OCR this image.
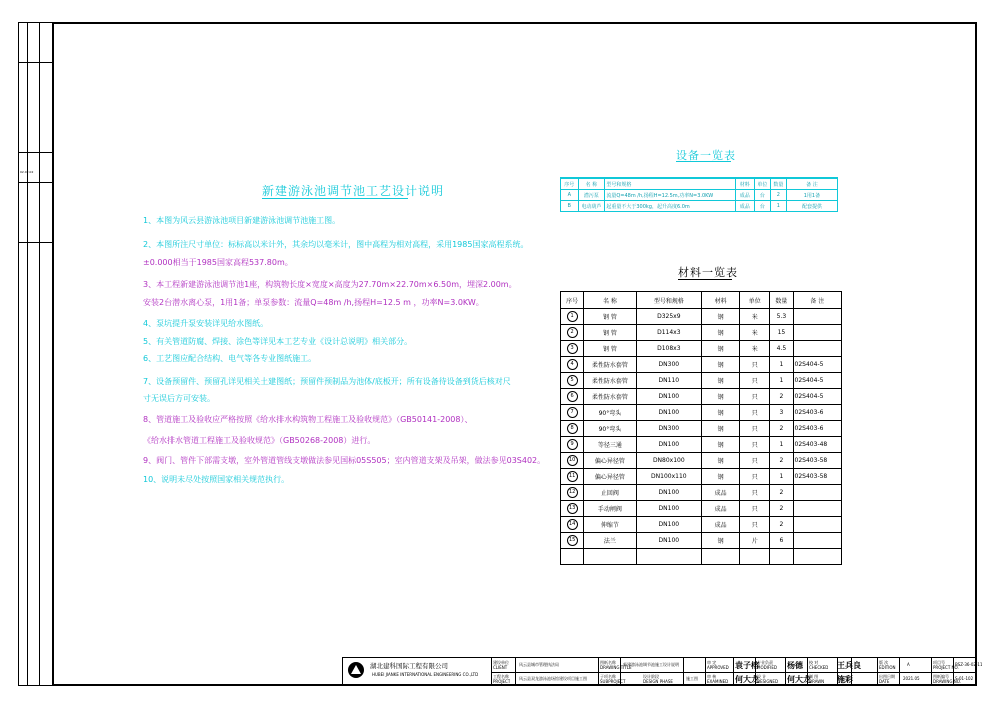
02.02.02
新建游泳池调节池工艺设计说明
1、本图为风云县游泳池项目新建游泳池调节池施工图。
2、本图所注尺寸单位：标标高以米计外，其余均以毫米计，图中高程为相对高程，采用1985国家高程系统。
±0.000相当于1985国家高程537.80m。
3、本工程新建游泳池调节池1座，构筑物长度×宽度×高度为27.70m×22.70m×6.50m，埋深2.00m。
安装2台潜水离心泵，1用1备；单泵参数：流量Q=48m /h,扬程H=12.5 m ，功率N=3.0KW。
4、泵坑提升泵安装详见给水图纸。
5、有关管道防腐、焊接、涂色等详见本工艺专业《设计总说明》相关部分。
6、工艺图应配合结构、电气等各专业图纸施工。
7、设备预留件、预留孔详见相关土建图纸；预留件预制品为池体/底板开；所有设备待设备到货后核对尺
寸无误后方可安装。
8、管道施工及验收应严格按照《给水排水构筑物工程施工及验收规范》（GB50141-2008）、
《给水排水管道工程施工及验收规范》（GB50268-2008）进行。
9、阀门、管件下部需支墩，室外管道管线支墩做法参见国标05S505；室内管道支架及吊架，做法参见03S402。
10、说明未尽处按照国家相关规范执行。
设备一览表
序号	名 称	型号和规格	材料	单位	数量	备 注
A	潜污泵	流量Q=48m /h,扬程H=12.5m,功率N=3.0KW	成品	台	2	1用1备
B	电动葫芦	起重量不大于300kg，起升高度6.0m	成品	台	1	配套提供
材料一览表
序号	名 称	型号和规格	材料	单位	数量	备 注
1	钢 管	D325x9	钢	米	5.3	
2	钢 管	D114x3	钢	米	15	
3	钢 管	D108x3	钢	米	4.5	
4	柔性防水套管	DN300	钢	只	1	02S404-5
5	柔性防水套管	DN110	钢	只	1	02S404-5
6	柔性防水套管	DN100	钢	只	2	02S404-5
7	90°弯头	DN100	钢	只	3	02S403-6
8	90°弯头	DN300	钢	只	2	02S403-6
9	等径三通	DN100	钢	只	1	02S403-48
10	偏心异径管	DN80x100	钢	只	2	02S403-58
11	偏心异径管	DN100x110	钢	只	1	02S403-58
12	止回阀	DN100	成品	只	2	
13	手动闸阀	DN100	成品	只	2	
14	伸缩节	DN100	成品	只	2	
15	法兰	DN100	钢	片	6	

建设单位
CLIENT
风云县城市管理执法局
工程名称
PROJECT
风云县双龙游泳池场馆建设项目施工图
图纸名称
DRAWING TITLE
新建游泳池调节池施工设计说明
子项名称
SUBPROJECT
设计阶段
DESIGN PHASE
施工图
审 定
APPROVED 袁子榕
审 核
EXAMINED 何大龙
专业负责
MODIFIED 杨德
设 计
DESIGNED 何大龙
校 对
CHECKED 王兵良
制 图
DRAWN 施彩
版 次
EDITION
A
出图日期
DATE
2021.05
项目号
PROJECT NO.
BSZ-36-02-11
图纸编号
DRAWING NO.
S-01-102
湖北建科国际工程有限公司
HUBEI JIANKE INTERNATIONAL ENGINEERING CO.,LTD
